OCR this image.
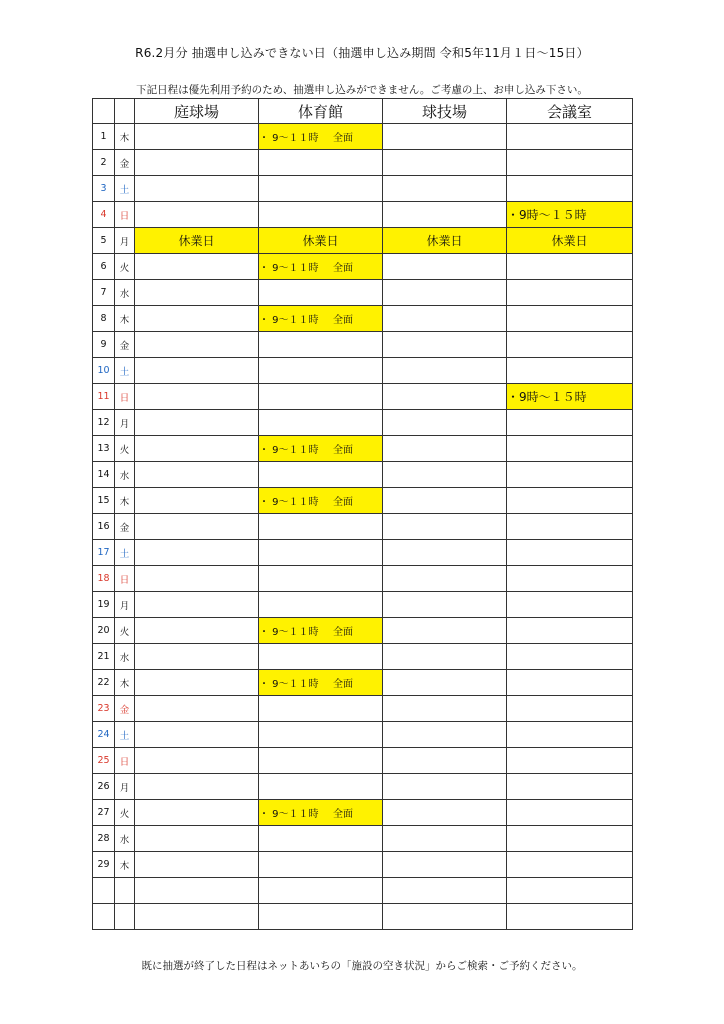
R6.2月分 抽選申し込みできない日（抽選申し込み期間 令和5年11月１日～15日）
下記日程は優先利用予約のため、抽選申し込みができません。ご考慮の上、お申し込み下さい。
		庭球場	体育館	球技場	会議室
1	木		・ 9～１１時 全面		
2	金				
3	土				
4	日				・9時～１５時
5	月	休業日	休業日	休業日	休業日
6	火		・ 9～１１時 全面		
7	水				
8	木		・ 9～１１時 全面		
9	金				
10	土				
11	日				・9時～１５時
12	月				
13	火		・ 9～１１時 全面		
14	水				
15	木		・ 9～１１時 全面		
16	金				
17	土				
18	日				
19	月				
20	火		・ 9～１１時 全面		
21	水				
22	木		・ 9～１１時 全面		
23	金				
24	土				
25	日				
26	月				
27	火		・ 9～１１時 全面		
28	水				
29	木				

既に抽選が終了した日程はネットあいちの「施設の空き状況」からご検索・ご予約ください。
